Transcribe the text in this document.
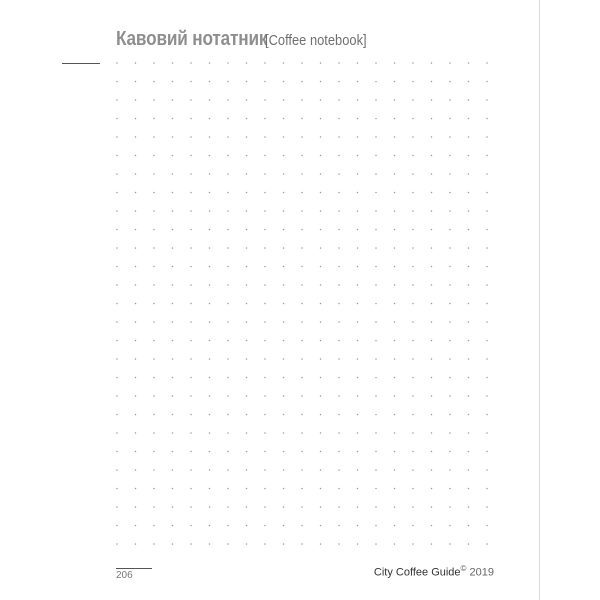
Кавовий нотатник
[Coffee notebook]
206	City Coffee Guide© 2019
